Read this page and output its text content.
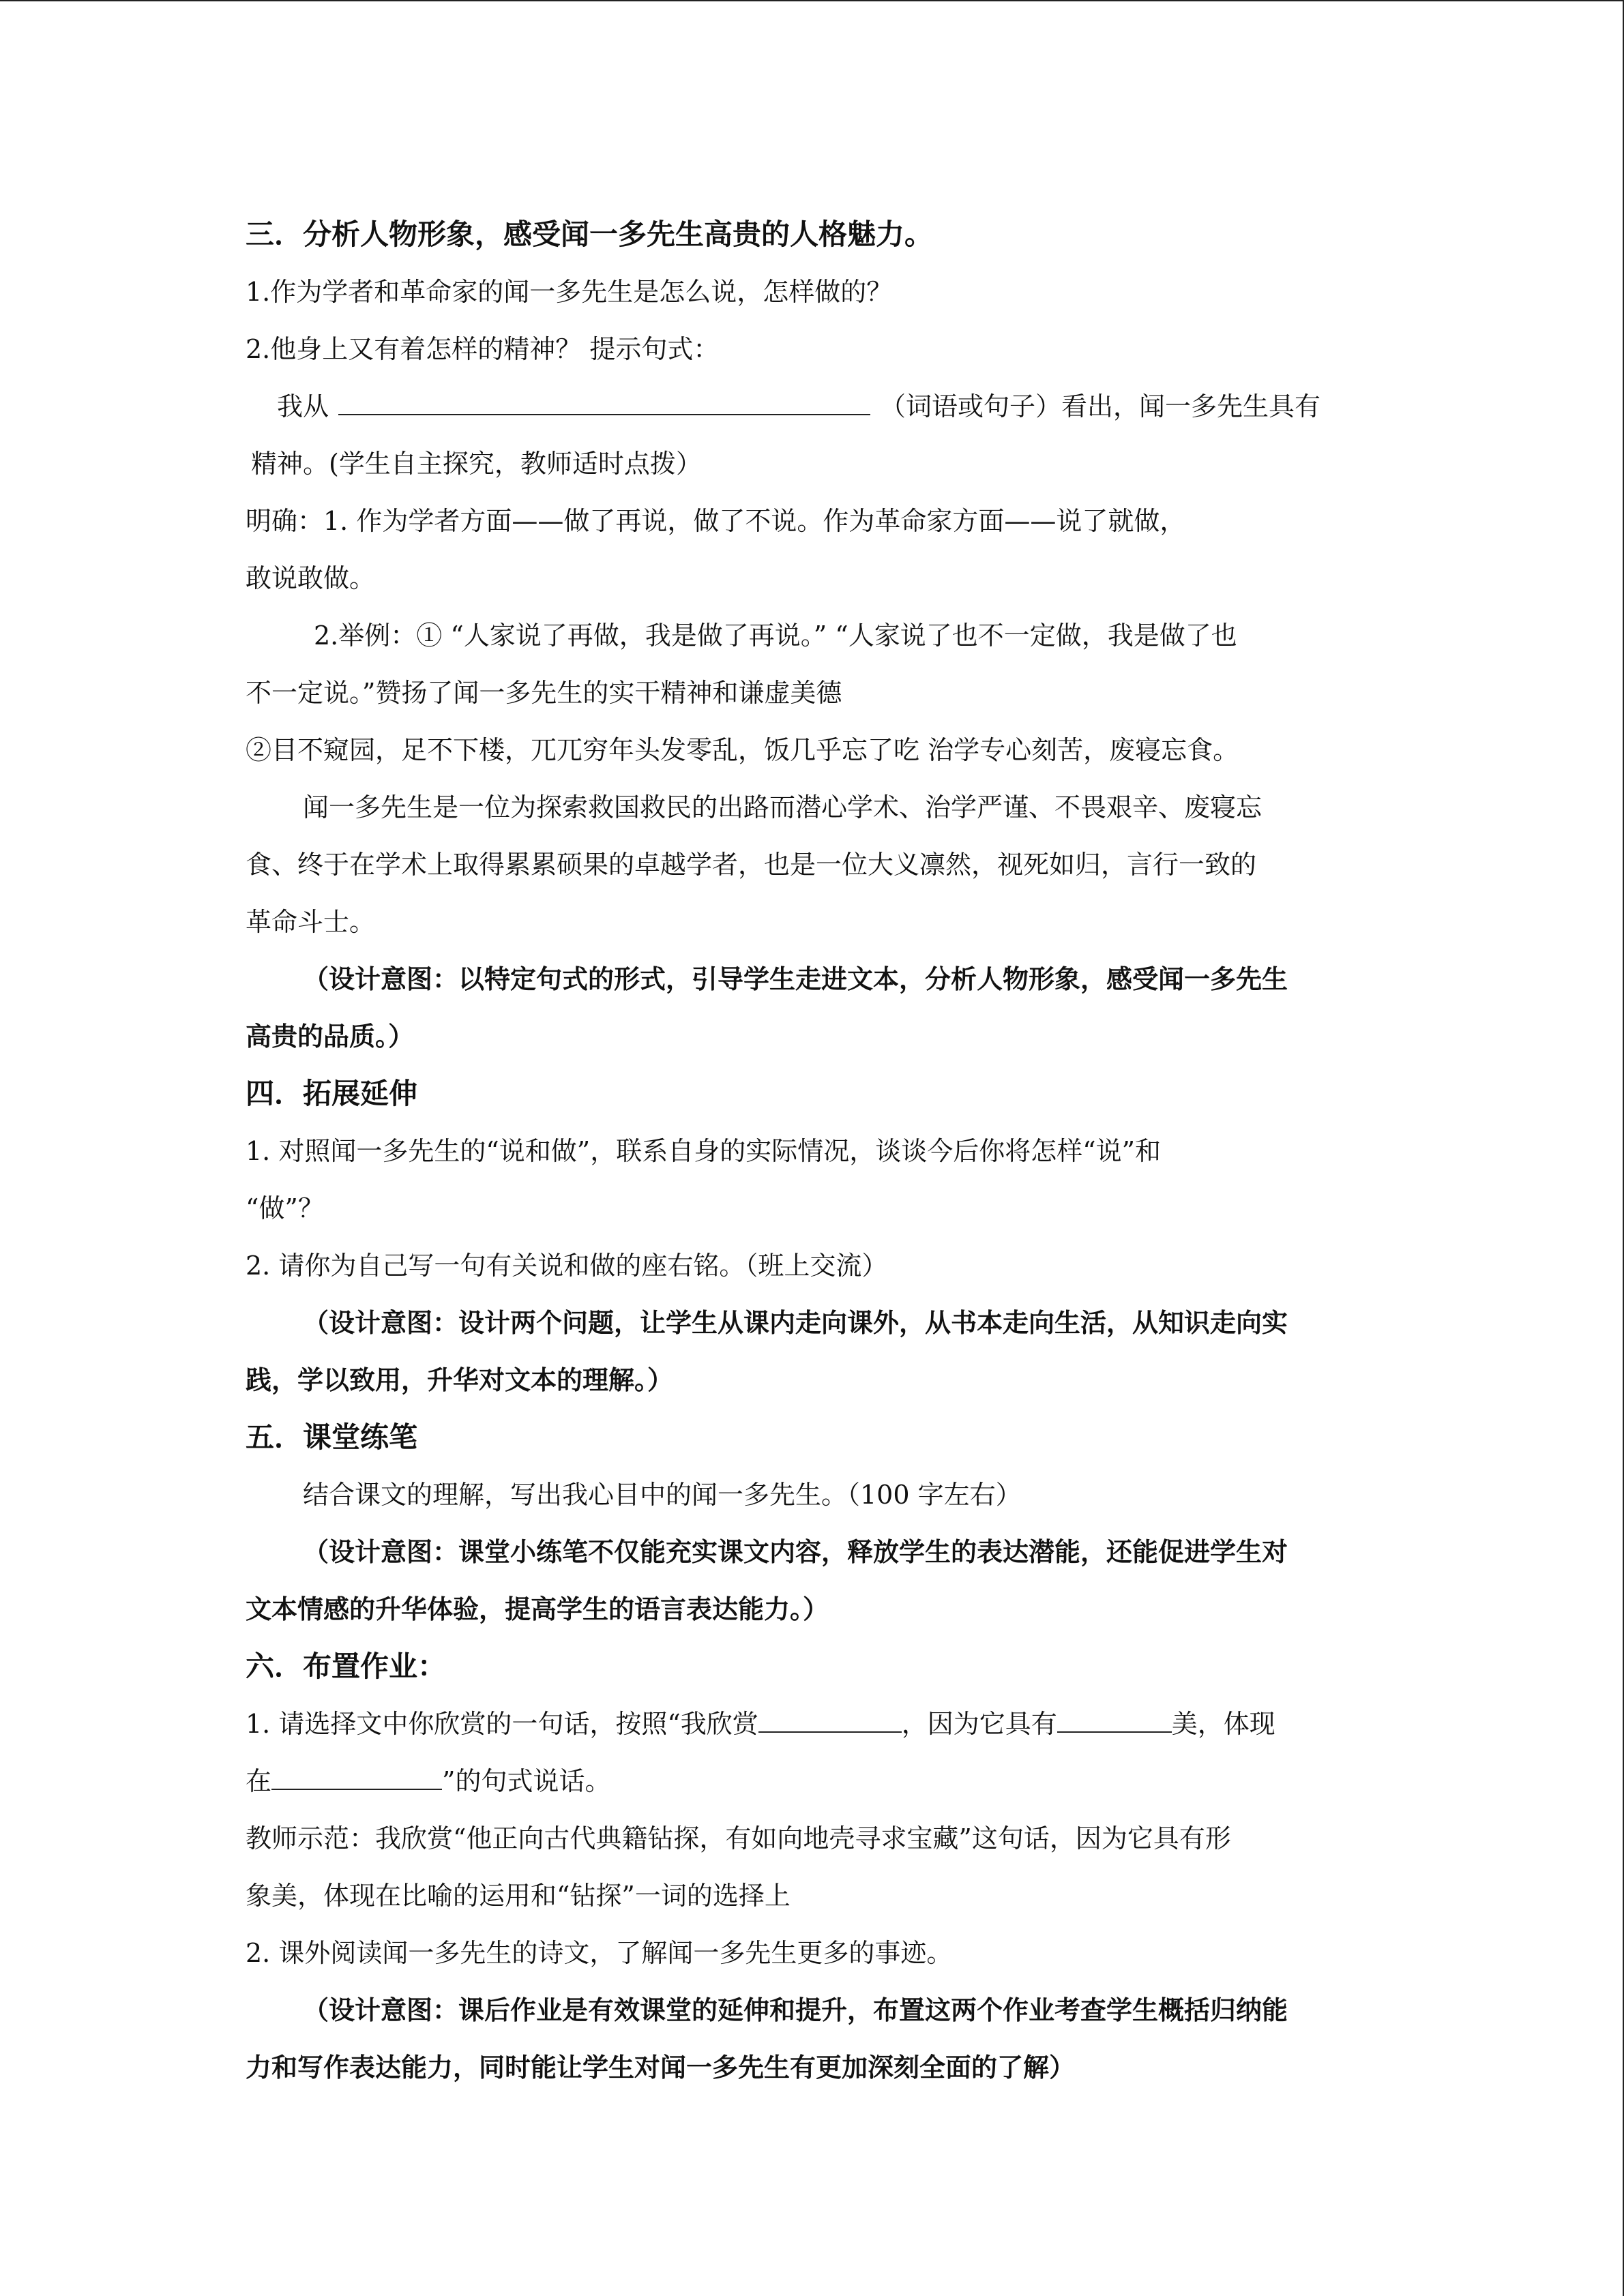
三．分析人物形象，感受闻一多先生高贵的人格魅力。
1.作为学者和革命家的闻一多先生是怎么说，怎样做的？
2.他身上又有着怎样的精神？ 提示句式：
我从	（词语或句子）看出，闻一多先生具有
精神。(学生自主探究，教师适时点拨）
明确：1. 作为学者方面——做了再说，做了不说。作为革命家方面——说了就做，
敢说敢做。
2.举例：① “人家说了再做，我是做了再说。” “人家说了也不一定做，我是做了也
不一定说。”赞扬了闻一多先生的实干精神和谦虚美德
②目不窥园，足不下楼，兀兀穷年头发零乱，饭几乎忘了吃 治学专心刻苦，废寝忘食。
闻一多先生是一位为探索救国救民的出路而潜心学术、治学严谨、不畏艰辛、废寝忘
食、终于在学术上取得累累硕果的卓越学者，也是一位大义凛然，视死如归，言行一致的
革命斗士。
（设计意图：以特定句式的形式，引导学生走进文本，分析人物形象，感受闻一多先生
高贵的品质。）
四．拓展延伸
1. 对照闻一多先生的“说和做”，联系自身的实际情况，谈谈今后你将怎样“说”和
“做”？
2. 请你为自己写一句有关说和做的座右铭。（班上交流）
（设计意图：设计两个问题，让学生从课内走向课外，从书本走向生活，从知识走向实
践，学以致用，升华对文本的理解。）
五．课堂练笔
结合课文的理解，写出我心目中的闻一多先生。（100 字左右）
（设计意图：课堂小练笔不仅能充实课文内容，释放学生的表达潜能，还能促进学生对
文本情感的升华体验，提高学生的语言表达能力。）
六．布置作业：
1. 请选择文中你欣赏的一句话，按照“我欣赏	，因为它具有	美，体现
在	”的句式说话。
教师示范：我欣赏“他正向古代典籍钻探，有如向地壳寻求宝藏”这句话，因为它具有形
象美，体现在比喻的运用和“钻探”一词的选择上
2. 课外阅读闻一多先生的诗文，了解闻一多先生更多的事迹。
（设计意图：课后作业是有效课堂的延伸和提升，布置这两个作业考查学生概括归纳能
力和写作表达能力，同时能让学生对闻一多先生有更加深刻全面的了解）
